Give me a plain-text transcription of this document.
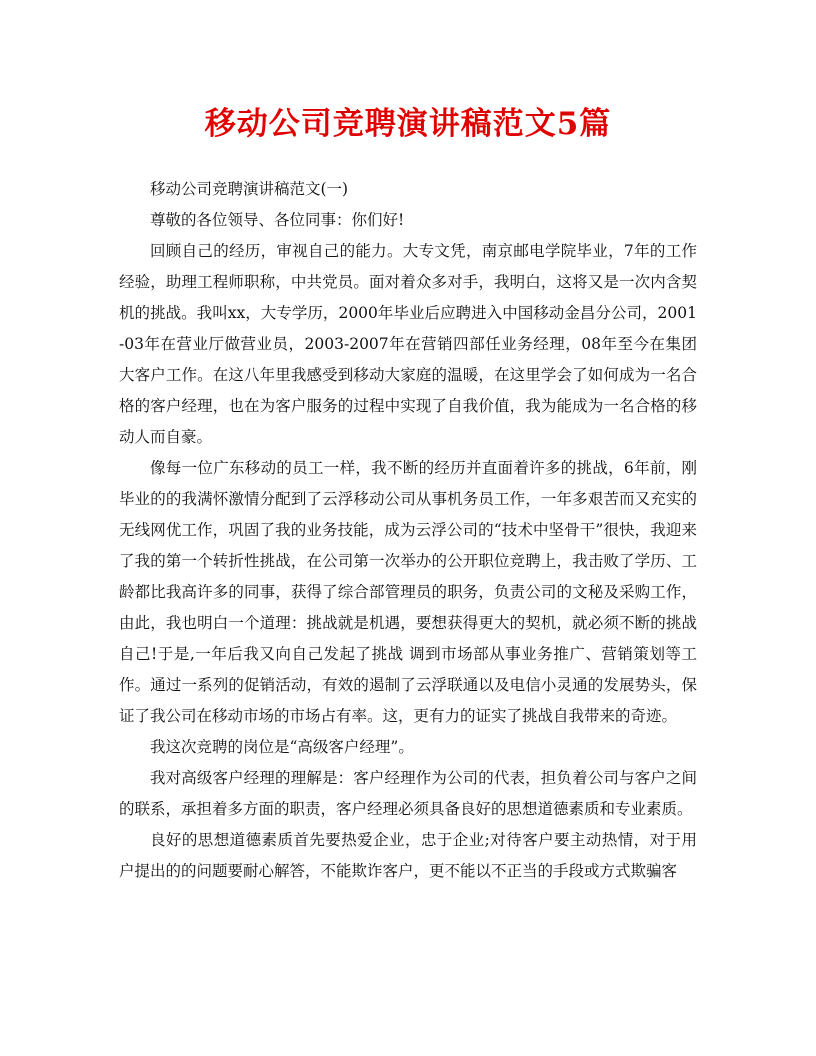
移动公司竞聘演讲稿范文5篇

移动公司竞聘演讲稿范文(一)

尊敬的各位领导、各位同事：你们好!

回顾自己的经历，审视自己的能力。大专文凭，南京邮电学院毕业，7年的工作经验，助理工程师职称，中共党员。面对着众多对手，我明白，这将又是一次内含契机的挑战。我叫xx，大专学历，2000年毕业后应聘进入中国移动金昌分公司，2001-03年在营业厅做营业员，2003-2007年在营销四部任业务经理，08年至今在集团大客户工作。在这八年里我感受到移动大家庭的温暖，在这里学会了如何成为一名合格的客户经理，也在为客户服务的过程中实现了自我价值，我为能成为一名合格的移动人而自豪。

像每一位广东移动的员工一样，我不断的经历并直面着许多的挑战，6年前，刚毕业的的我满怀激情分配到了云浮移动公司从事机务员工作，一年多艰苦而又充实的无线网优工作，巩固了我的业务技能，成为云浮公司的“技术中坚骨干”很快，我迎来了我的第一个转折性挑战，在公司第一次举办的公开职位竞聘上，我击败了学历、工龄都比我高许多的同事，获得了综合部管理员的职务，负责公司的文秘及采购工作，由此，我也明白一个道理：挑战就是机遇，要想获得更大的契机，就必须不断的挑战自己!于是,一年后我又向自己发起了挑战 调到市场部从事业务推广、营销策划等工作。通过一系列的促销活动，有效的遏制了云浮联通以及电信小灵通的发展势头，保证了我公司在移动市场的市场占有率。这，更有力的证实了挑战自我带来的奇迹。

我这次竞聘的岗位是“高级客户经理”。

我对高级客户经理的理解是：客户经理作为公司的代表，担负着公司与客户之间的联系，承担着多方面的职责，客户经理必须具备良好的思想道德素质和专业素质。

良好的思想道德素质首先要热爱企业，忠于企业;对待客户要主动热情，对于用户提出的的问题要耐心解答，不能欺诈客户，更不能以不正当的手段或方式欺骗客
